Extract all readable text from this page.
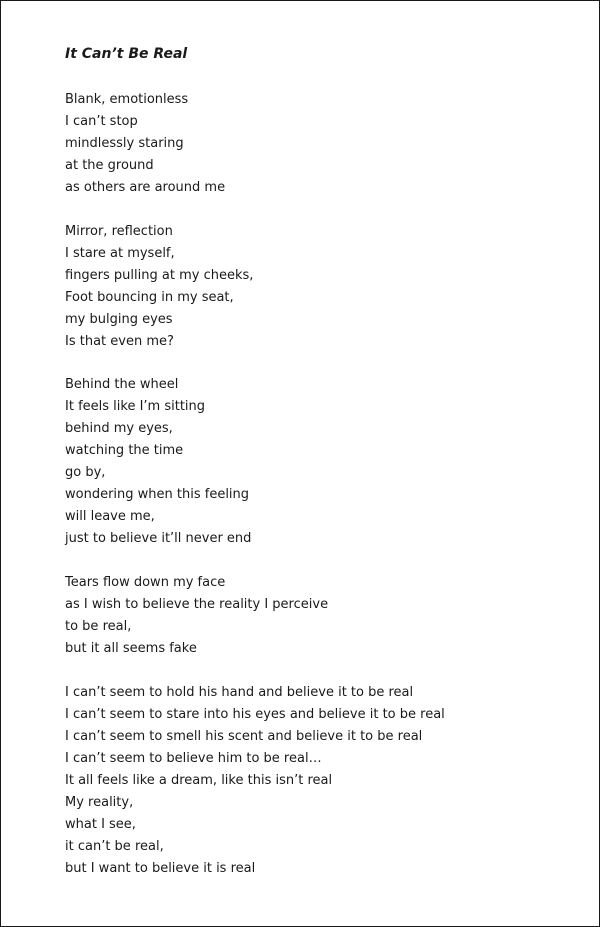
It Can’t Be Real
Blank, emotionless
I can’t stop
mindlessly staring
at the ground
as others are around me
Mirror, reflection
I stare at myself,
fingers pulling at my cheeks,
Foot bouncing in my seat,
my bulging eyes
Is that even me?
Behind the wheel
It feels like I’m sitting
behind my eyes,
watching the time
go by,
wondering when this feeling
will leave me,
just to believe it’ll never end
Tears flow down my face
as I wish to believe the reality I perceive
to be real,
but it all seems fake
I can’t seem to hold his hand and believe it to be real
I can’t seem to stare into his eyes and believe it to be real
I can’t seem to smell his scent and believe it to be real
I can’t seem to believe him to be real…
It all feels like a dream, like this isn’t real
My reality,
what I see,
it can’t be real,
but I want to believe it is real
